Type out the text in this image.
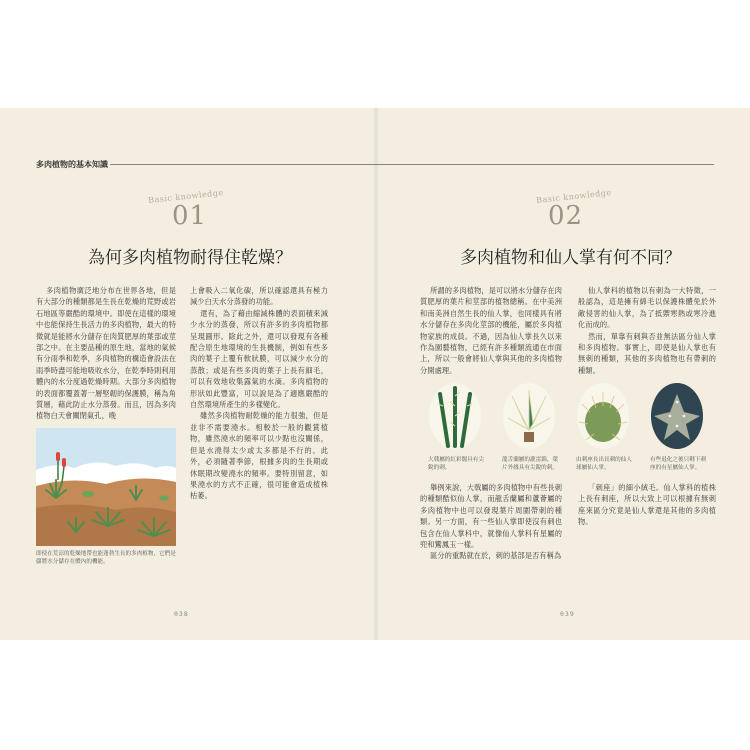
多肉植物的基本知識
Basic knowledge
01
為何多肉植物耐得住乾燥？

多肉植物廣泛地分布在世界各地，但是有大部分的種類都是生長在乾燥的荒野或岩石地區等嚴酷的環境中。即使在這樣的環境中也能保持生長活力的多肉植物，最大的特徵就是能將水分儲存在肉質肥厚的葉部或莖部之中。在主要品種的原生地，當地的氣候有分雨季和乾季，多肉植物的構造會設法在雨季時盡可能地吸收水分，在乾季時則利用體內的水分度過乾燥時期。大部分多肉植物的表面都覆蓋著一層堅韌的保護膜，稱為角質層，藉此防止水分蒸發。而且，因為多肉植物白天會關閉氣孔，晚

即使在荒涼的乾燥地帶也能蓬勃生長的多肉植物，它們是儲將水分儲存在體內的機能。

上會吸入二氧化碳，所以確認還具有極力減少白天水分蒸發的功能。

還有，為了藉由縮減株體的表面積來減少水分的蒸發，所以有許多的多肉植物都呈現圓形。除此之外，還可以發現有各種配合原生地環境的生長機制，例如有些多肉的葉子上覆有軟狀膜，可以減少水分的蒸散；或是有些多肉的葉子上長有細毛，可以有效地收集露氣的水滴。多肉植物的形狀如此豐富，可以說是為了適應嚴酷的自然環境所產生的多樣變化。

雖然多肉植物耐乾燥的能力很強，但是並非不需要澆水。相較於一般的觀賞植物，雖然澆水的頻率可以少點也沒關係，但是水澆得太少或太多都是不行的。此外，必須隨著季節，根據多肉的生長期或休眠期改變澆水的頻率。要特別留意，如果澆水的方式不正確，很可能會造成植株枯萎。

038
Basic knowledge
02
多肉植物和仙人掌有何不同？

所謂的多肉植物，是可以將水分儲存在肉質肥厚的葉片和莖部的植物總稱。在中美洲和南美洲自然生長的仙人掌，也同樣具有將水分儲存在多肉化莖部的機能，屬於多肉植物家族的成員。不過，因為仙人掌長久以來作為園藝植物，已經有許多種類流通在市面上，所以一般會將仙人掌與其他的多肉植物分開處理。

仙人掌科的植物以有刺為一大特徵，一般認為，這是擁有綿毛以保護株體免於外敵侵害的仙人掌，為了抵禦寒熱或寒冷進化而成的。

然而，單靠有刺與否並無法區分仙人掌和多肉植物。事實上，即使是仙人掌也有無刺的種類，其他的多肉植物也有帶刺的種類。

大戟屬的紅彩閣具有尖銳的刺。
龍舌蘭屬的瀧雷錦，葉片外緣具有尖銳的刺。
由刺座長出長刺的仙人球屬仙人掌。
有些退化之後只剩下刺座的有星屬仙人掌。

舉例來說，大戟屬的多肉植物中有些長刺的種類酷似仙人掌，而龍舌蘭屬和蘆薈屬的多肉植物中也可以發現葉片周圍帶刺的種類。另一方面，有一些仙人掌即使沒有刺也包含在仙人掌科中，就像仙人掌科有星屬的兜和鸞鳳玉一樣。

區分的重點就在於，刺的基部是否有稱為

「刺座」的細小絨毛。仙人掌科的植株上長有刺座，所以大致上可以根據有無刺座來區分究竟是仙人掌還是其他的多肉植物。

039
